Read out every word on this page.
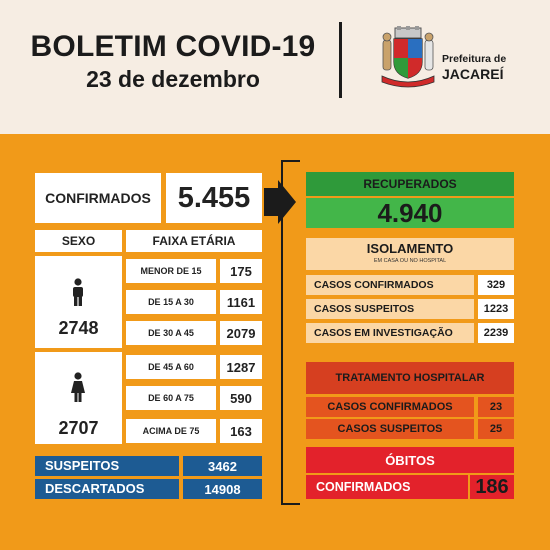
BOLETIM COVID-19
23 de dezembro
Prefeitura de
JACAREÍ
CONFIRMADOS 5.455
SEXO	FAIXA ETÁRIA
2748
2707
MENOR DE 15	175
DE 15 A 30	1161
DE 30 A 45	2079
DE 45 A 60	1287
DE 60 A 75	590
ACIMA DE 75	163
SUSPEITOS	3462
DESCARTADOS	14908
RECUPERADOS
4.940
ISOLAMENTO
EM CASA OU NO HOSPITAL
CASOS CONFIRMADOS	329
CASOS SUSPEITOS	1223
CASOS EM INVESTIGAÇÃO	2239
TRATAMENTO HOSPITALAR
CASOS CONFIRMADOS	23
CASOS SUSPEITOS	25
ÓBITOS
CONFIRMADOS	186
